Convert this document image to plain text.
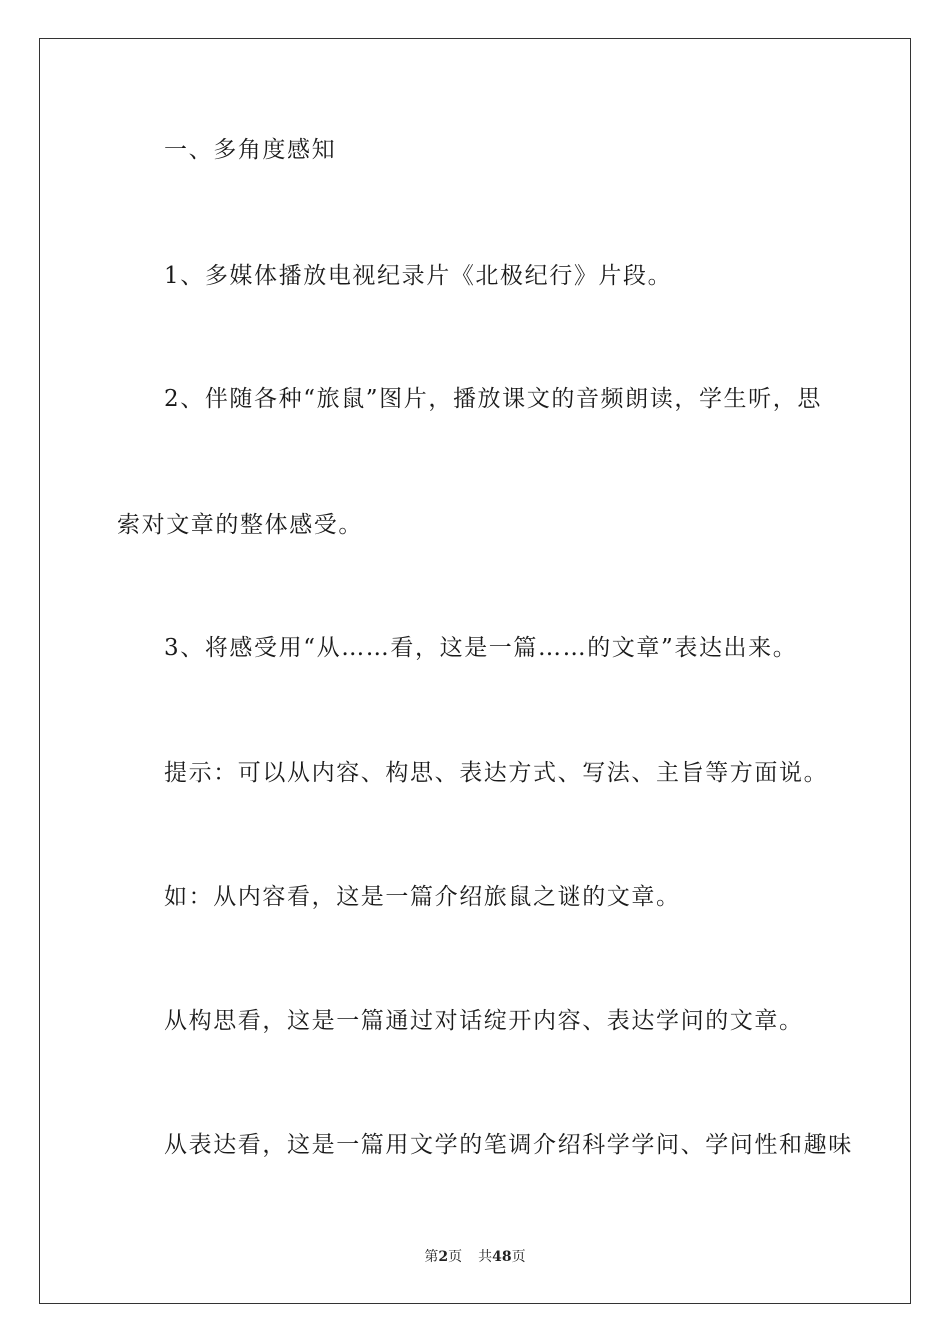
一、多角度感知
1、多媒体播放电视纪录片《北极纪行》片段。
2、伴随各种“旅鼠”图片，播放课文的音频朗读，学生听，思
索对文章的整体感受。
3、将感受用“从……看，这是一篇……的文章”表达出来。
提示：可以从内容、构思、表达方式、写法、主旨等方面说。
如：从内容看，这是一篇介绍旅鼠之谜的文章。
从构思看，这是一篇通过对话绽开内容、表达学问的文章。
从表达看，这是一篇用文学的笔调介绍科学学问、学问性和趣味
第2页 共48页
